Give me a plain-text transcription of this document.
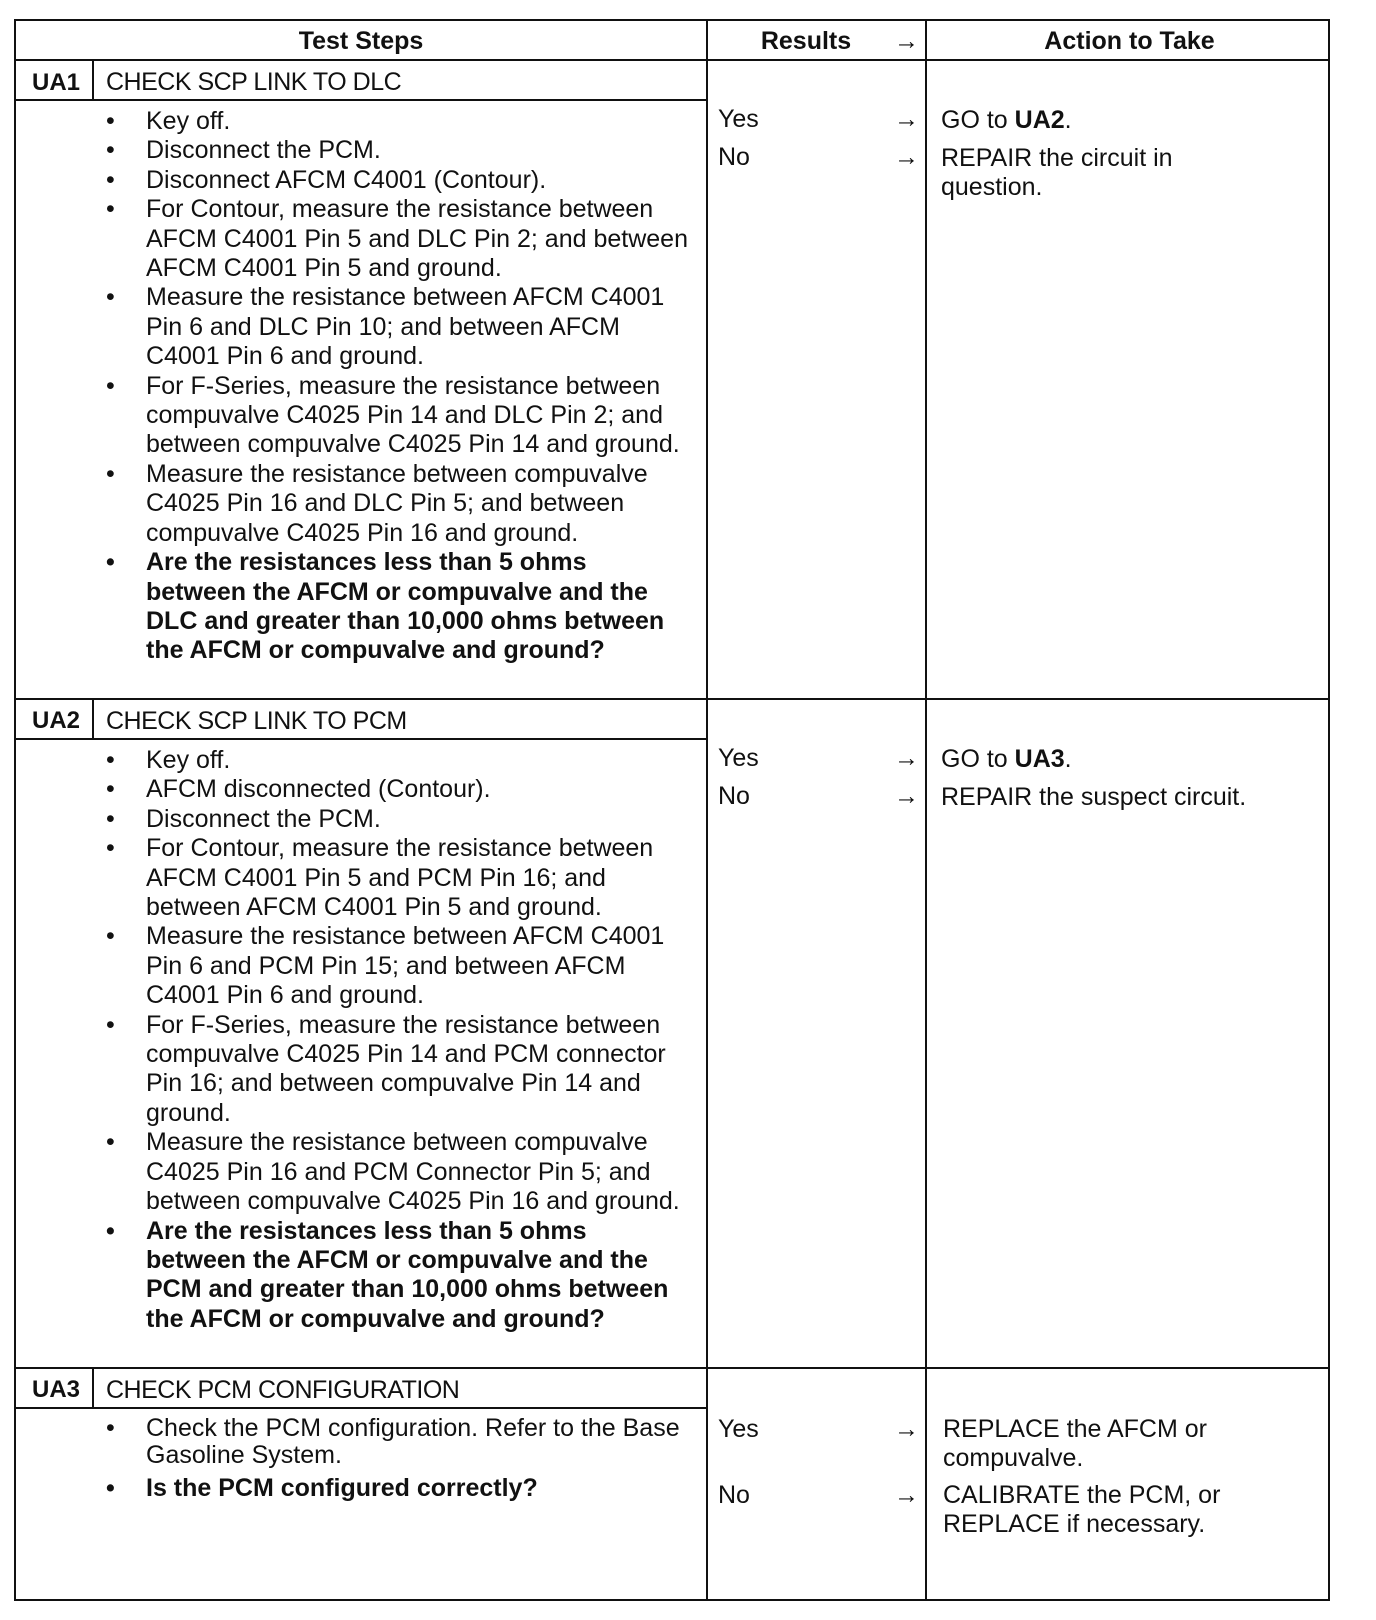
Test Steps	Results	→	Action to Take
UA1	CHECK SCP LINK TO DLC
• Key off.
• Disconnect the PCM.
• Disconnect AFCM C4001 (Contour).
• For Contour, measure the resistance between AFCM C4001 Pin 5 and DLC Pin 2; and between AFCM C4001 Pin 5 and ground.
• Measure the resistance between AFCM C4001 Pin 6 and DLC Pin 10; and between AFCM C4001 Pin 6 and ground.
• For F-Series, measure the resistance between compuvalve C4025 Pin 14 and DLC Pin 2; and between compuvalve C4025 Pin 14 and ground.
• Measure the resistance between compuvalve C4025 Pin 16 and DLC Pin 5; and between compuvalve C4025 Pin 16 and ground.
• Are the resistances less than 5 ohms between the AFCM or compuvalve and the DLC and greater than 10,000 ohms between the AFCM or compuvalve and ground?
Yes	→ GO to UA2.
No	→ REPAIR the circuit in question.
UA2	CHECK SCP LINK TO PCM
• Key off.
• AFCM disconnected (Contour).
• Disconnect the PCM.
• For Contour, measure the resistance between AFCM C4001 Pin 5 and PCM Pin 16; and between AFCM C4001 Pin 5 and ground.
• Measure the resistance between AFCM C4001 Pin 6 and PCM Pin 15; and between AFCM C4001 Pin 6 and ground.
• For F-Series, measure the resistance between compuvalve C4025 Pin 14 and PCM connector Pin 16; and between compuvalve Pin 14 and ground.
• Measure the resistance between compuvalve C4025 Pin 16 and PCM Connector Pin 5; and between compuvalve C4025 Pin 16 and ground.
• Are the resistances less than 5 ohms between the AFCM or compuvalve and the PCM and greater than 10,000 ohms between the AFCM or compuvalve and ground?
Yes	→ GO to UA3.
No	→ REPAIR the suspect circuit.
UA3	CHECK PCM CONFIGURATION
• Check the PCM configuration. Refer to the Base Gasoline System.
• Is the PCM configured correctly?
Yes	→ REPLACE the AFCM or compuvalve.
No	→ CALIBRATE the PCM, or REPLACE if necessary.
